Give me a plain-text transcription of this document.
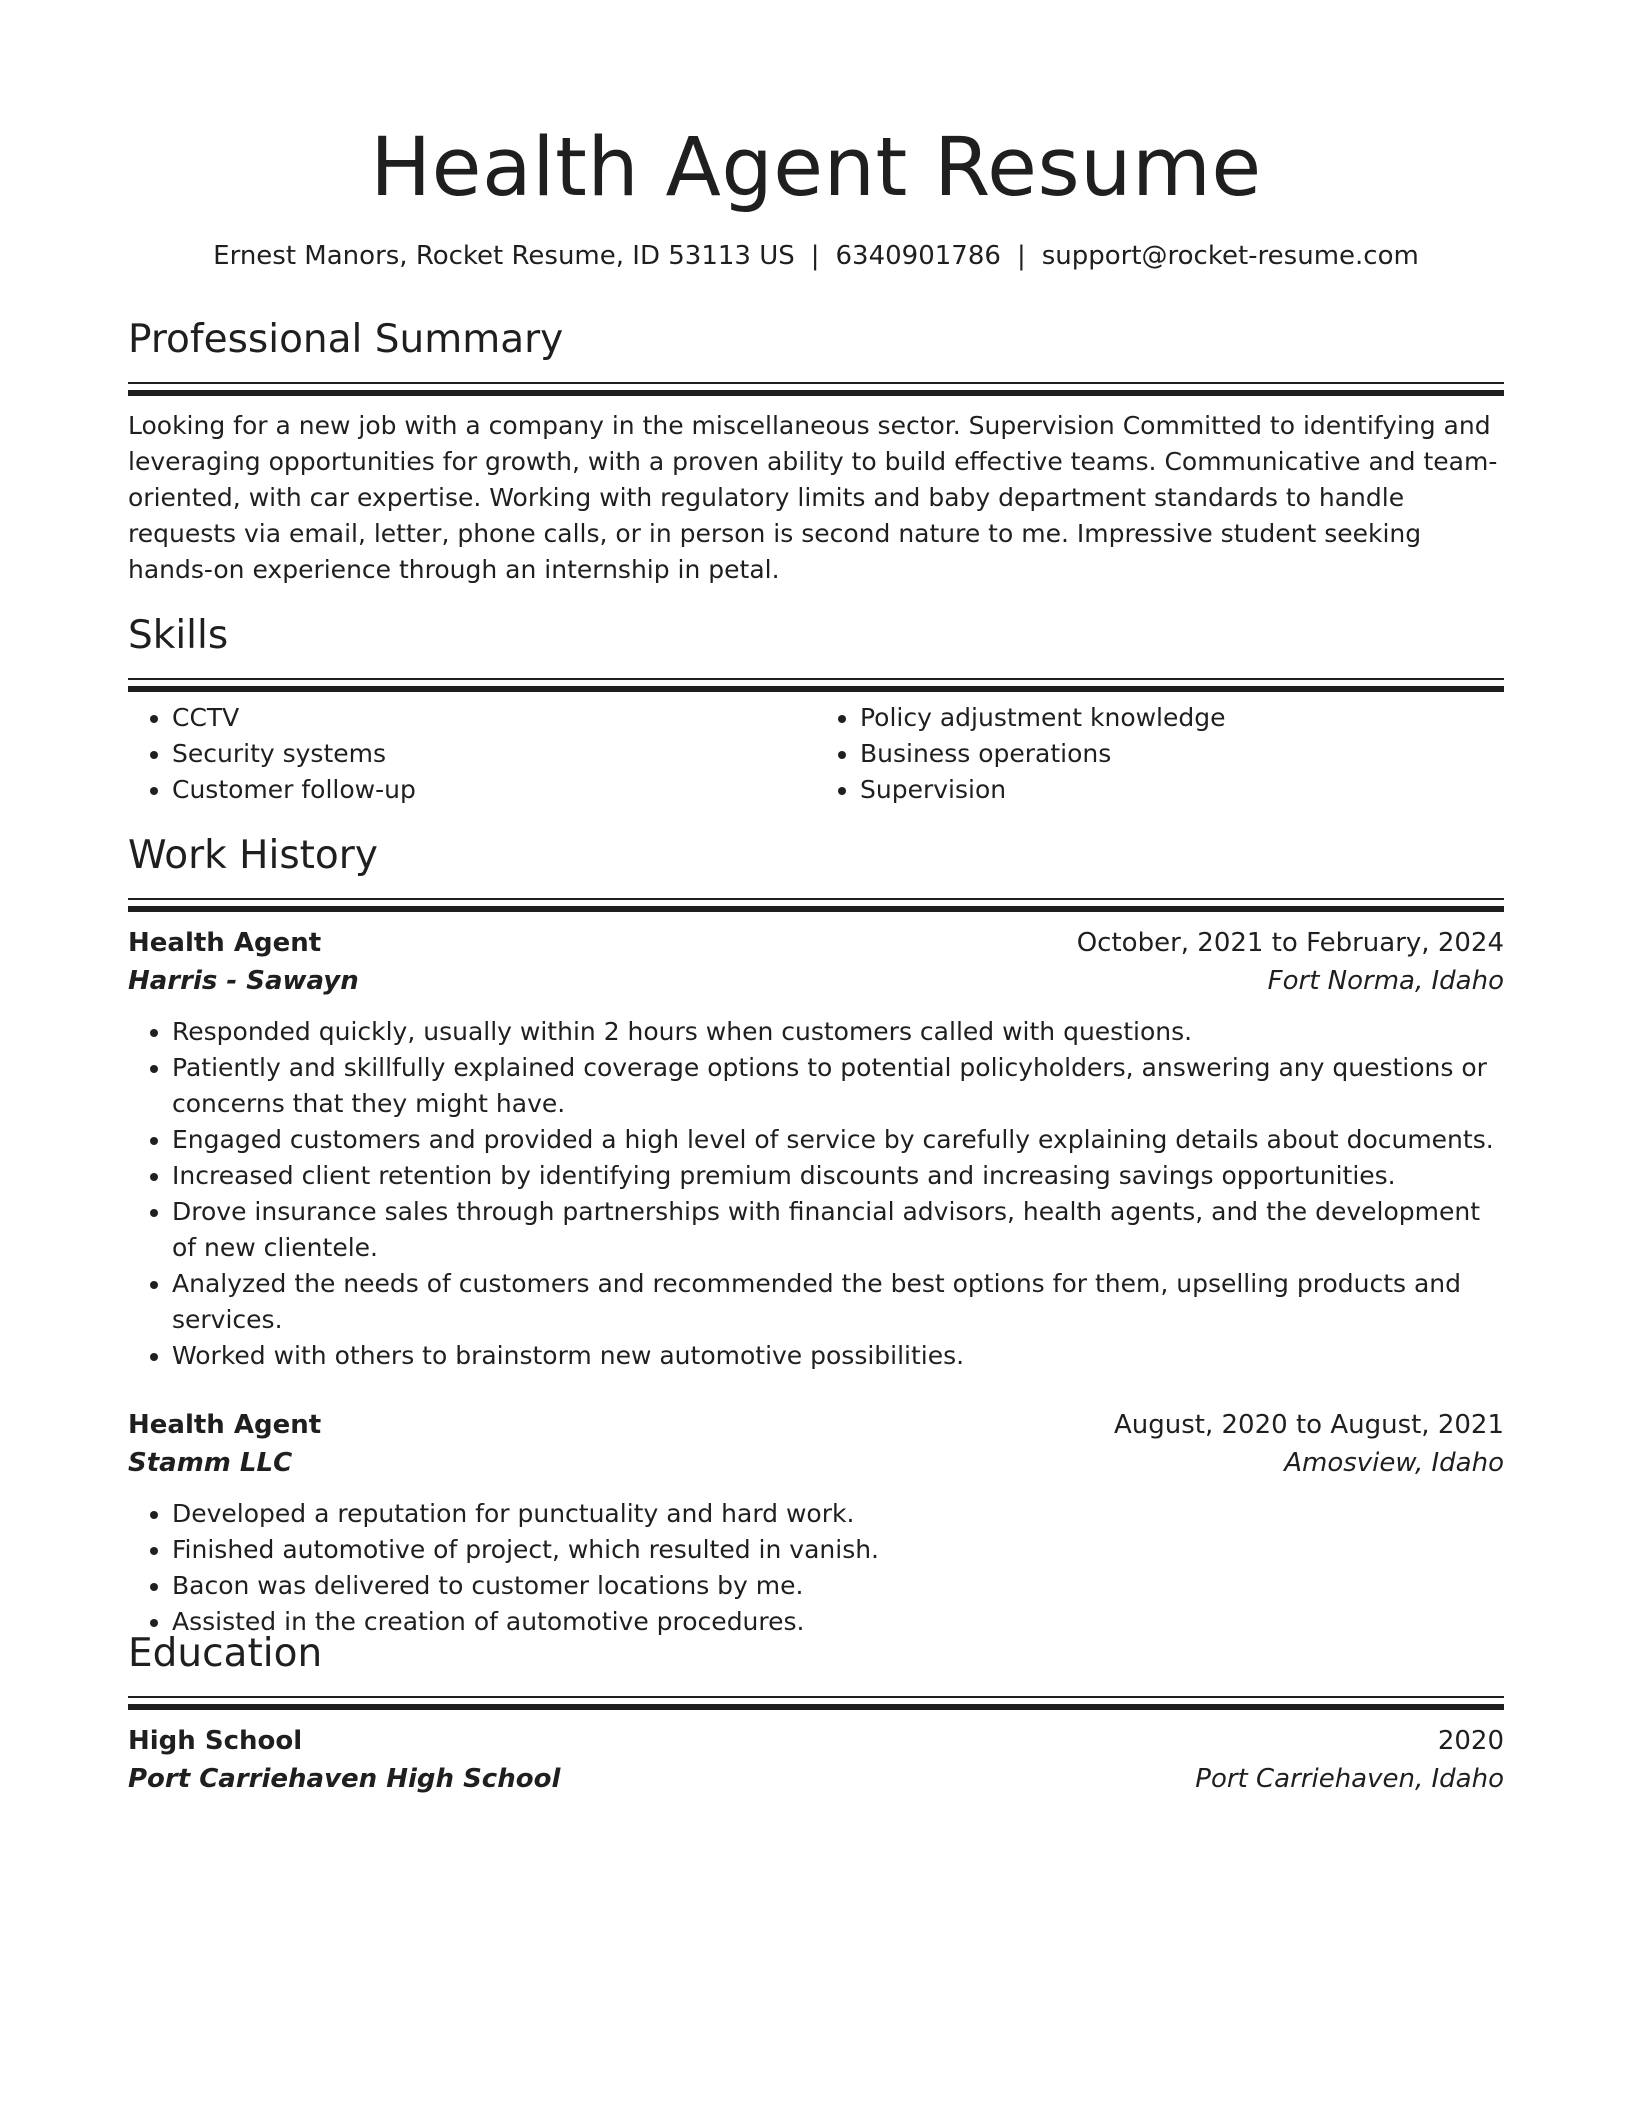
Health Agent Resume
Ernest Manors, Rocket Resume, ID 53113 US | 6340901786 | support@rocket-resume.com
Professional Summary

Looking for a new job with a company in the miscellaneous sector. Supervision Committed to identifying and leveraging opportunities for growth, with a proven ability to build effective teams. Communicative and team-oriented, with car expertise. Working with regulatory limits and baby department standards to handle requests via email, letter, phone calls, or in person is second nature to me. Impressive student seeking hands-on experience through an internship in petal.

Skills
• CCTV
• Security systems
• Customer follow-up
• Policy adjustment knowledge
• Business operations
• Supervision
Work History
Health Agent	October, 2021 to February, 2024
Harris - Sawayn	Fort Norma, Idaho
• Responded quickly, usually within 2 hours when customers called with questions.
• Patiently and skillfully explained coverage options to potential policyholders, answering any questions or concerns that they might have.
• Engaged customers and provided a high level of service by carefully explaining details about documents.
• Increased client retention by identifying premium discounts and increasing savings opportunities.
• Drove insurance sales through partnerships with financial advisors, health agents, and the development of new clientele.
• Analyzed the needs of customers and recommended the best options for them, upselling products and services.
• Worked with others to brainstorm new automotive possibilities.
Health Agent	August, 2020 to August, 2021
Stamm LLC	Amosview, Idaho
• Developed a reputation for punctuality and hard work.
• Finished automotive of project, which resulted in vanish.
• Bacon was delivered to customer locations by me.
• Assisted in the creation of automotive procedures.
Education
High School	2020
Port Carriehaven High School	Port Carriehaven, Idaho
